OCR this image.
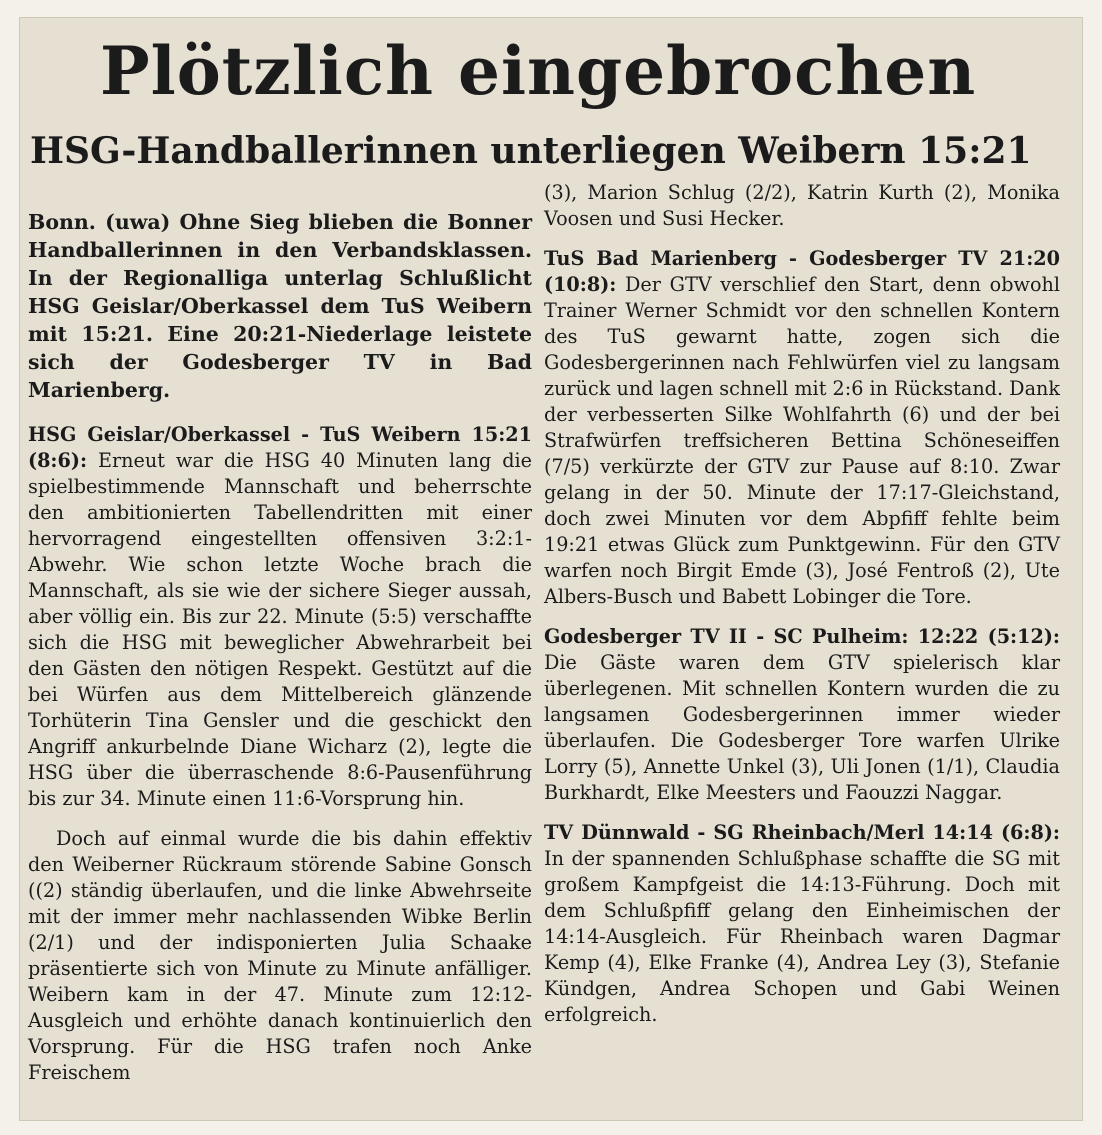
Plötzlich eingebrochen
HSG-Handballerinnen unterliegen Weibern 15:21

Bonn. (uwa) Ohne Sieg blieben die Bonner Handballerinnen in den Verbandsklassen. In der Regionalliga unterlag Schlußlicht HSG Geislar/Oberkassel dem TuS Weibern mit 15:21. Eine 20:21-Niederlage leistete sich der Godesberger TV in Bad Marienberg.

HSG Geislar/Oberkassel - TuS Weibern 15:21 (8:6): Erneut war die HSG 40 Minuten lang die spielbestimmende Mannschaft und beherrschte den ambitionierten Tabellendritten mit einer hervorragend eingestellten offensiven 3:2:1-Abwehr. Wie schon letzte Woche brach die Mannschaft, als sie wie der sichere Sieger aussah, aber völlig ein. Bis zur 22. Minute (5:5) verschaffte sich die HSG mit beweglicher Abwehrarbeit bei den Gästen den nötigen Respekt. Gestützt auf die bei Würfen aus dem Mittelbereich glänzende Torhüterin Tina Gensler und die geschickt den Angriff ankurbelnde Diane Wicharz (2), legte die HSG über die überraschende 8:6-Pausenführung bis zur 34. Minute einen 11:6-Vorsprung hin.

Doch auf einmal wurde die bis dahin effektiv den Weiberner Rückraum störende Sabine Gonsch ((2) ständig überlaufen, und die linke Abwehrseite mit der immer mehr nachlassenden Wibke Berlin (2/1) und der indisponierten Julia Schaake präsentierte sich von Minute zu Minute anfälliger. Weibern kam in der 47. Minute zum 12:12-Ausgleich und erhöhte danach kontinuierlich den Vorsprung. Für die HSG trafen noch Anke Freischem

(3), Marion Schlug (2/2), Katrin Kurth (2), Monika Voosen und Susi Hecker.

TuS Bad Marienberg - Godesberger TV 21:20 (10:8): Der GTV verschlief den Start, denn obwohl Trainer Werner Schmidt vor den schnellen Kontern des TuS gewarnt hatte, zogen sich die Godesbergerinnen nach Fehlwürfen viel zu langsam zurück und lagen schnell mit 2:6 in Rückstand. Dank der verbesserten Silke Wohlfahrth (6) und der bei Strafwürfen treffsicheren Bettina Schöneseiffen (7/5) verkürzte der GTV zur Pause auf 8:10. Zwar gelang in der 50. Minute der 17:17-Gleichstand, doch zwei Minuten vor dem Abpfiff fehlte beim 19:21 etwas Glück zum Punktgewinn. Für den GTV warfen noch Birgit Emde (3), José Fentroß (2), Ute Albers-Busch und Babett Lobinger die Tore.

Godesberger TV II - SC Pulheim: 12:22 (5:12): Die Gäste waren dem GTV spielerisch klar überlegenen. Mit schnellen Kontern wurden die zu langsamen Godesbergerinnen immer wieder überlaufen. Die Godesberger Tore warfen Ulrike Lorry (5), Annette Unkel (3), Uli Jonen (1/1), Claudia Burkhardt, Elke Meesters und Faouzzi Naggar.

TV Dünnwald - SG Rheinbach/Merl 14:14 (6:8): In der spannenden Schlußphase schaffte die SG mit großem Kampfgeist die 14:13-Führung. Doch mit dem Schlußpfiff gelang den Einheimischen der 14:14-Ausgleich. Für Rheinbach waren Dagmar Kemp (4), Elke Franke (4), Andrea Ley (3), Stefanie Kündgen, Andrea Schopen und Gabi Weinen erfolgreich.
